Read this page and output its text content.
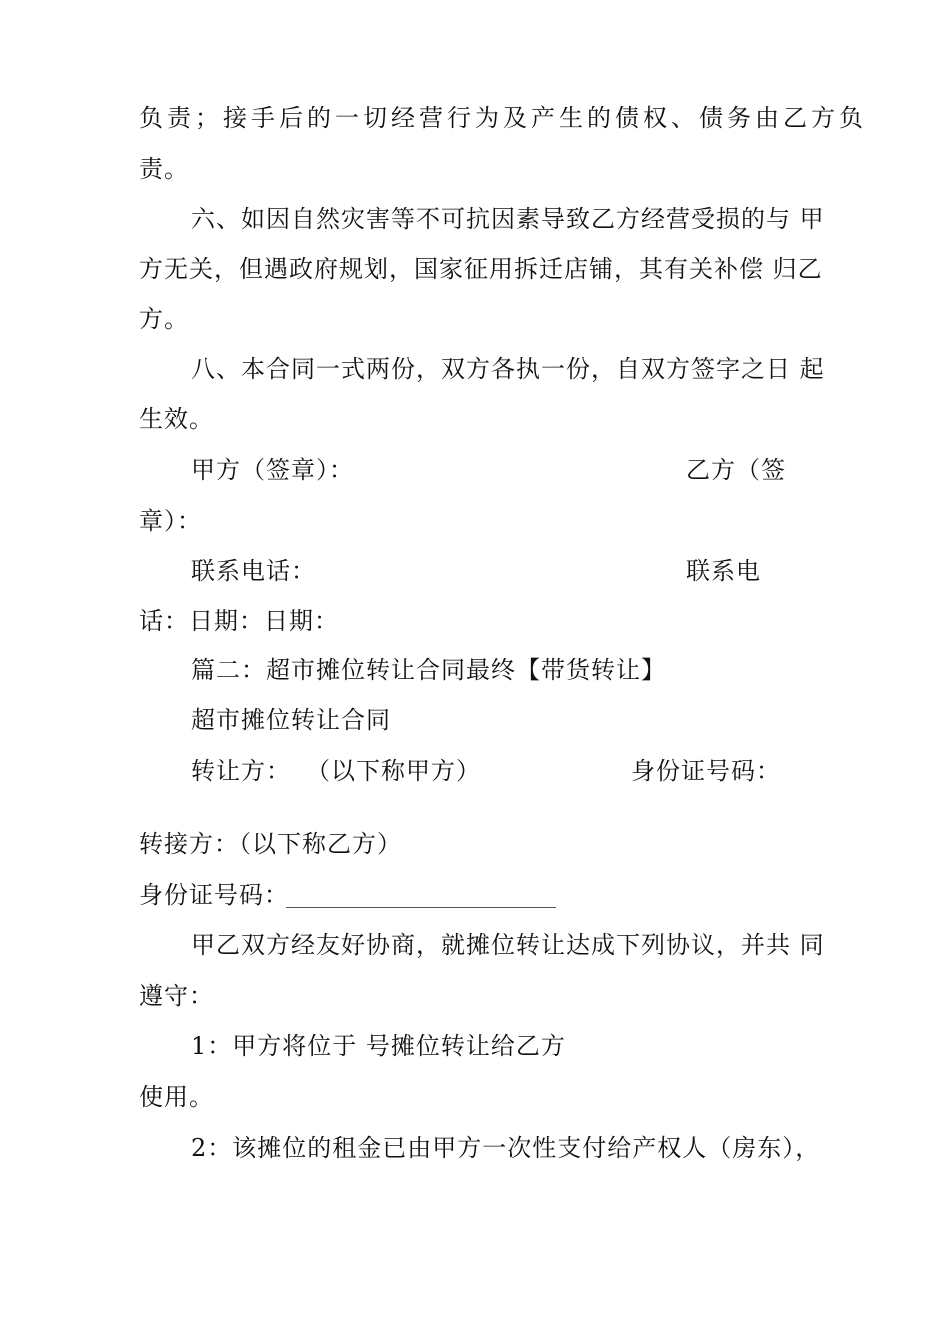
负责；接手后的一切经营行为及产生的债权、债务由乙方负
责。
六、如因自然灾害等不可抗因素导致乙方经营受损的与 甲
方无关，但遇政府规划，国家征用拆迁店铺，其有关补偿 归乙
方。
八、本合同一式两份，双方各执一份，自双方签字之日 起
生效。
甲方（签章）：	乙方（签
章）：
联系电话：	联系电
话：日期：日期：
篇二：超市摊位转让合同最终【带货转让】
超市摊位转让合同
转让方： （以下称甲方）	身份证号码：
转接方：（以下称乙方）
身份证号码：
甲乙双方经友好协商，就摊位转让达成下列协议，并共 同
遵守：
1：甲方将位于 号摊位转让给乙方
使用。
2：该摊位的租金已由甲方一次性支付给产权人（房东），
